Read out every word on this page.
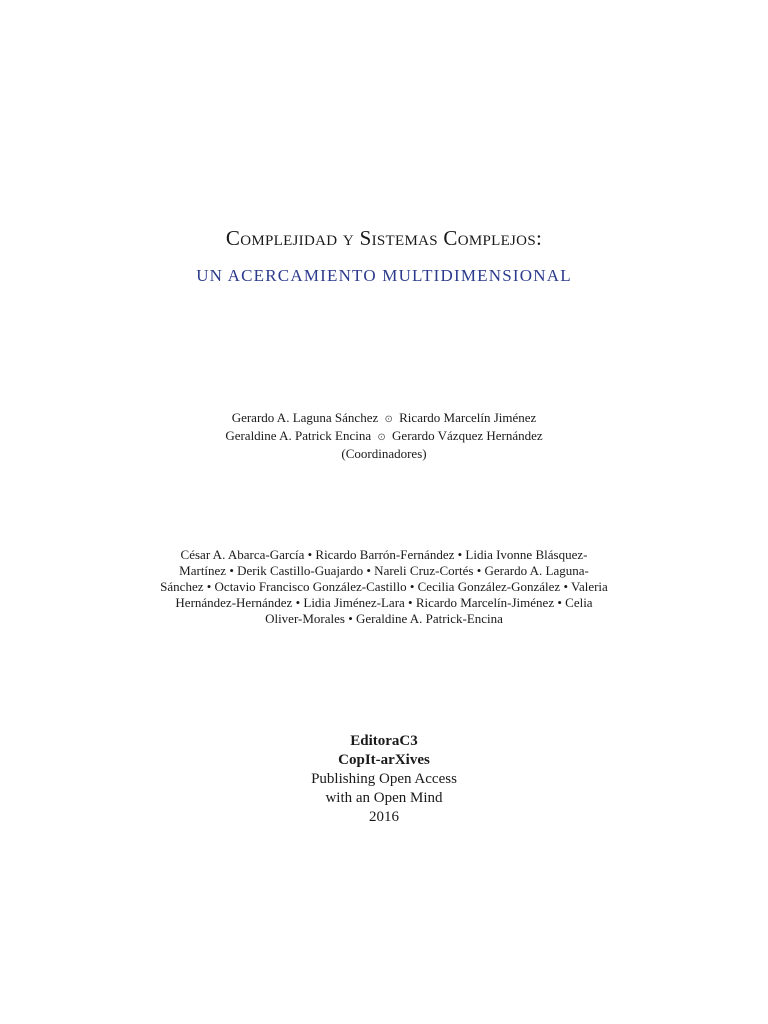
Complejidad y Sistemas Complejos:
UN ACERCAMIENTO MULTIDIMENSIONAL
Gerardo A. Laguna Sánchez ⊙ Ricardo Marcelín Jiménez
Geraldine A. Patrick Encina ⊙ Gerardo Vázquez Hernández
(Coordinadores)
César A. Abarca-García • Ricardo Barrón-Fernández • Lidia Ivonne Blásquez-Martínez • Derik Castillo-Guajardo • Nareli Cruz-Cortés • Gerardo A. Laguna-Sánchez • Octavio Francisco González-Castillo • Cecilia González-González • Valeria Hernández-Hernández • Lidia Jiménez-Lara • Ricardo Marcelín-Jiménez • Celia Oliver-Morales • Geraldine A. Patrick-Encina
EditoraC3
CopIt-arXives
Publishing Open Access
with an Open Mind
2016
